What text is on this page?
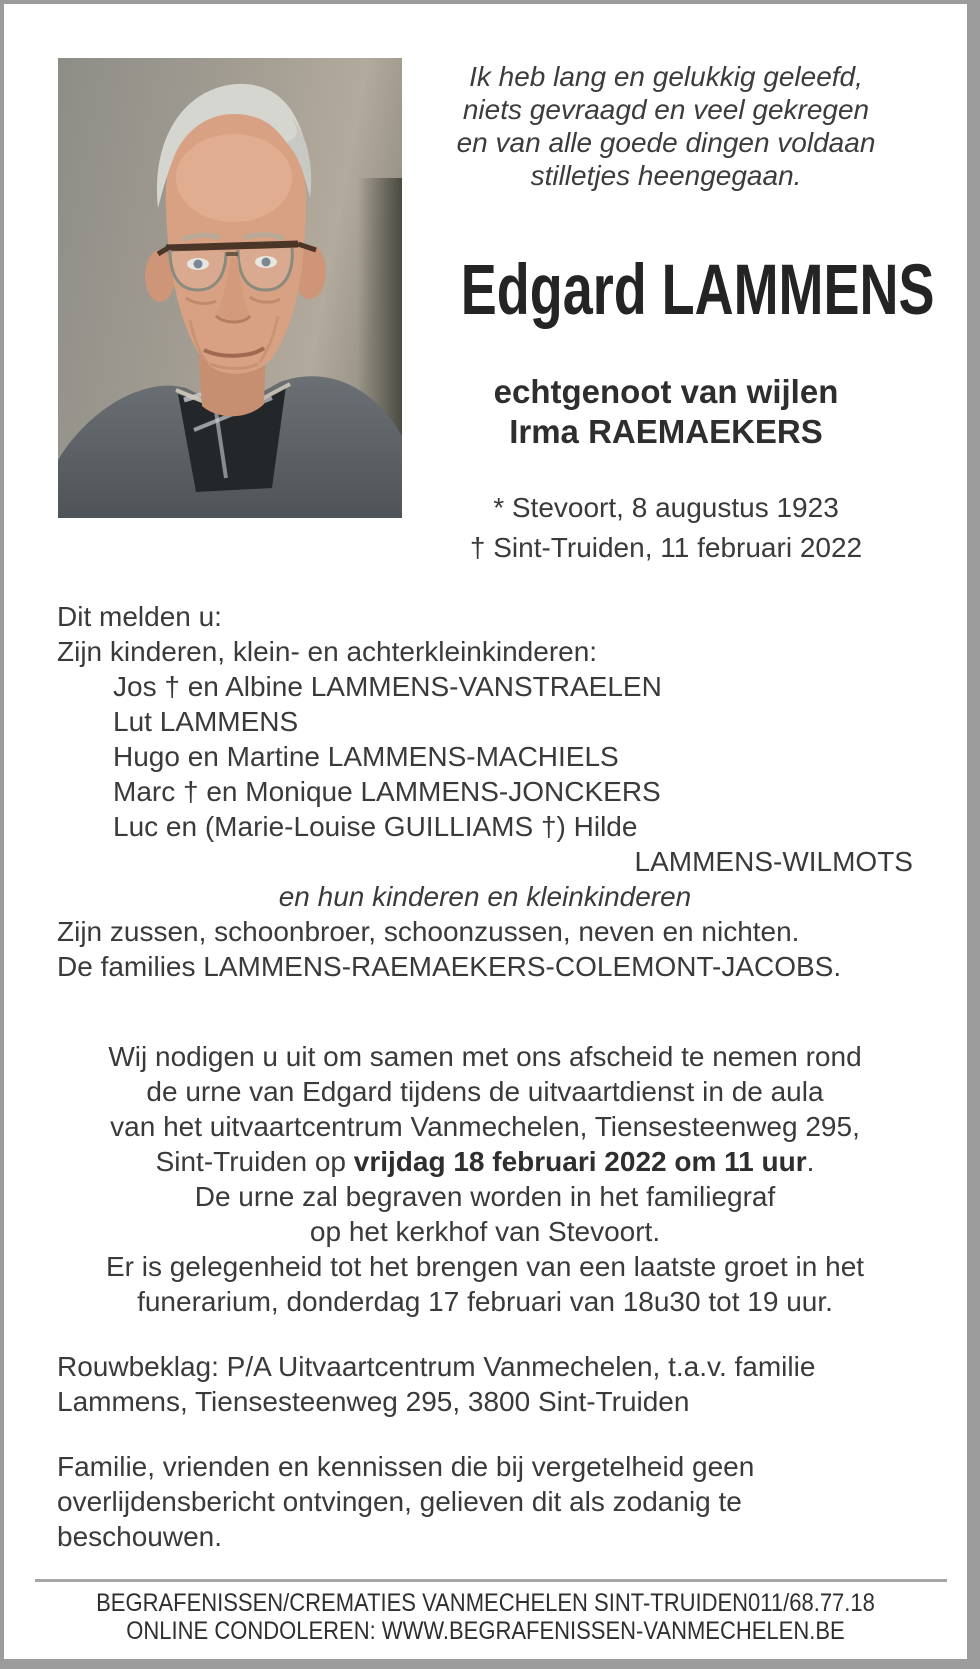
Ik heb lang en gelukkig geleefd,
niets gevraagd en veel gekregen
en van alle goede dingen voldaan
stilletjes heengegaan.
Edgard LAMMENS
echtgenoot van wijlen
Irma RAEMAEKERS
* Stevoort, 8 augustus 1923
† Sint-Truiden, 11 februari 2022
Dit melden u:
Zijn kinderen, klein- en achterkleinkinderen:
Jos † en Albine LAMMENS-VANSTRAELEN
Lut LAMMENS
Hugo en Martine LAMMENS-MACHIELS
Marc † en Monique LAMMENS-JONCKERS
Luc en (Marie-Louise GUILLIAMS †) Hilde
LAMMENS-WILMOTS
en hun kinderen en kleinkinderen
Zijn zussen, schoonbroer, schoonzussen, neven en nichten.
De families LAMMENS-RAEMAEKERS-COLEMONT-JACOBS.
Wij nodigen u uit om samen met ons afscheid te nemen rond
de urne van Edgard tijdens de uitvaartdienst in de aula
van het uitvaartcentrum Vanmechelen, Tiensesteenweg 295,
Sint-Truiden op vrijdag 18 februari 2022 om 11 uur.
De urne zal begraven worden in het familiegraf
op het kerkhof van Stevoort.
Er is gelegenheid tot het brengen van een laatste groet in het
funerarium, donderdag 17 februari van 18u30 tot 19 uur.
Rouwbeklag: P/A Uitvaartcentrum Vanmechelen, t.a.v. familie
Lammens, Tiensesteenweg 295, 3800 Sint-Truiden
Familie, vrienden en kennissen die bij vergetelheid geen
overlijdensbericht ontvingen, gelieven dit als zodanig te
beschouwen.
BEGRAFENISSEN/CREMATIES VANMECHELEN SINT-TRUIDEN011/68.77.18
ONLINE CONDOLEREN: WWW.BEGRAFENISSEN-VANMECHELEN.BE
